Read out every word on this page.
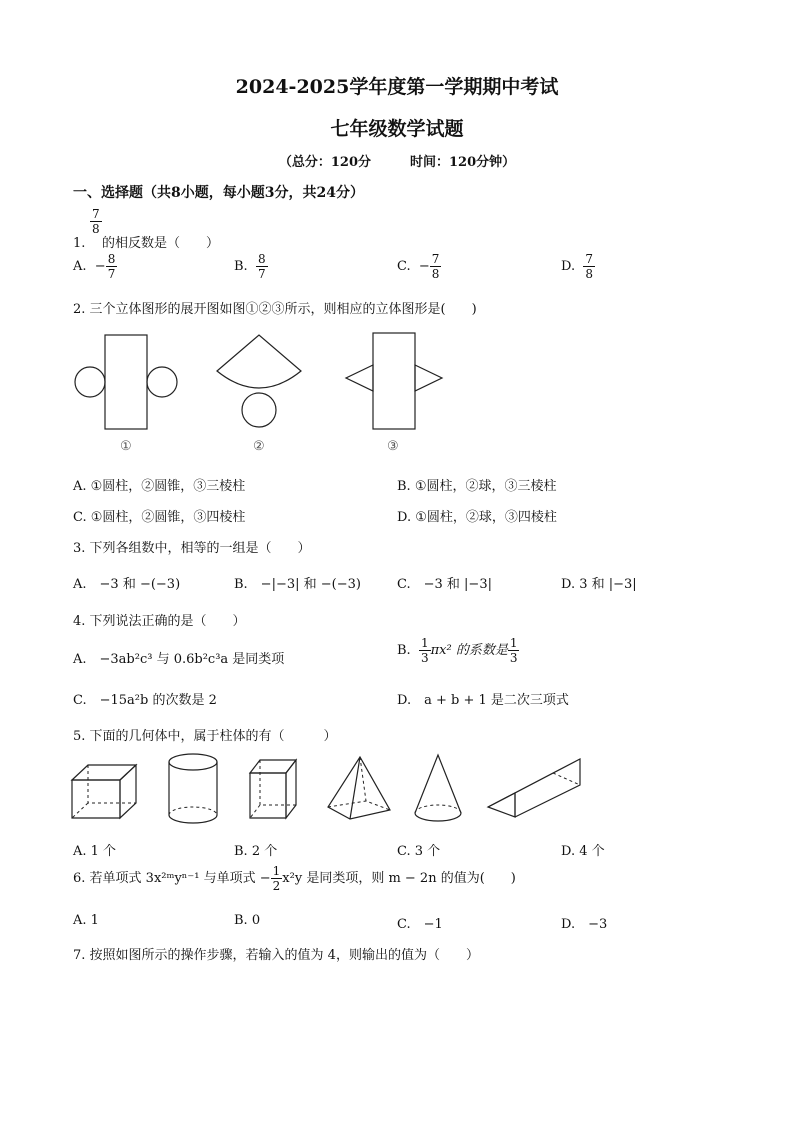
2024-2025学年度第一学期期中考试
七年级数学试题
（总分：120分　　　时间：120分钟）
一、选择题（共8小题，每小题3分，共24分）
$\frac{7}{8}$
1. 的相反数是（　　）
A. − $\frac{8}{7}$	B. $\frac{8}{7}$	C. − $\frac{7}{8}$	D. $\frac{7}{8}$
2. 三个立体图形的展开图如图①②③所示，则相应的立体图形是(　　)
①	②	③
A. ①圆柱，②圆锥，③三棱柱	B. ①圆柱，②球，③三棱柱
C. ①圆柱，②圆锥，③四棱柱	D. ①圆柱，②球，③四棱柱
3. 下列各组数中，相等的一组是（　　）
A.　−3 和 −(−3)	B.　−|−3| 和 −(−3)	C.　−3 和 |−3|	D. 3 和 |−3|
4. 下列说法正确的是（　　）
A.　−3ab²c³ 与 0.6b²c³a 是同类项
B. $\frac{1}{3} \pi x^2$ 的系数是 $\frac{1}{3}$
C.　−15a²b 的次数是 2	D.　a + b + 1 是二次三项式
5. 下面的几何体中，属于柱体的有（　　　）
A. 1 个	B. 2 个	C. 3 个	D. 4 个
6. 若单项式 3x²ᵐyⁿ⁻¹ 与单项式 − $\frac{1}{2} x^2y$ 是同类项，则 m − 2n 的值为(　　)
A. 1	B. 0	C.　−1	D.　−3
7. 按照如图所示的操作步骤，若输入的值为 4，则输出的值为（　　）
